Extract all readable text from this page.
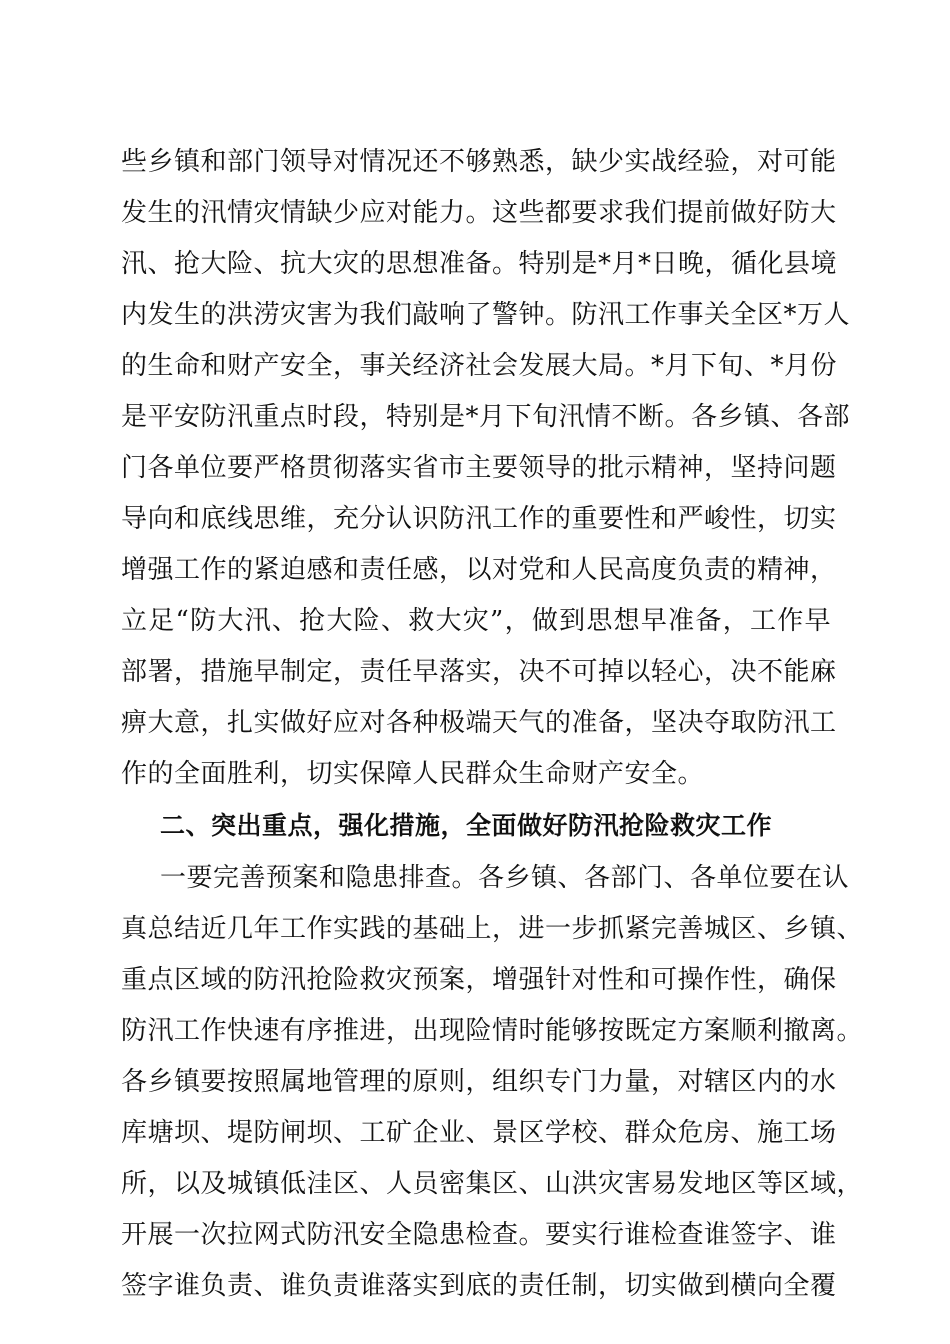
些乡镇和部门领导对情况还不够熟悉，缺少实战经验，对可能
发生的汛情灾情缺少应对能力。这些都要求我们提前做好防大
汛、抢大险、抗大灾的思想准备。特别是*月*日晚，循化县境
内发生的洪涝灾害为我们敲响了警钟。防汛工作事关全区*万人
的生命和财产安全，事关经济社会发展大局。*月下旬、*月份
是平安防汛重点时段，特别是*月下旬汛情不断。各乡镇、各部
门各单位要严格贯彻落实省市主要领导的批示精神，坚持问题
导向和底线思维，充分认识防汛工作的重要性和严峻性，切实
增强工作的紧迫感和责任感，以对党和人民高度负责的精神，
立足“防大汛、抢大险、救大灾”，做到思想早准备，工作早
部署，措施早制定，责任早落实，决不可掉以轻心，决不能麻
痹大意，扎实做好应对各种极端天气的准备，坚决夺取防汛工
作的全面胜利，切实保障人民群众生命财产安全。
二、突出重点，强化措施，全面做好防汛抢险救灾工作
一要完善预案和隐患排查。各乡镇、各部门、各单位要在认
真总结近几年工作实践的基础上，进一步抓紧完善城区、乡镇、
重点区域的防汛抢险救灾预案，增强针对性和可操作性，确保
防汛工作快速有序推进，出现险情时能够按既定方案顺利撤离。
各乡镇要按照属地管理的原则，组织专门力量，对辖区内的水
库塘坝、堤防闸坝、工矿企业、景区学校、群众危房、施工场
所，以及城镇低洼区、人员密集区、山洪灾害易发地区等区域，
开展一次拉网式防汛安全隐患检查。要实行谁检查谁签字、谁
签字谁负责、谁负责谁落实到底的责任制，切实做到横向全覆
